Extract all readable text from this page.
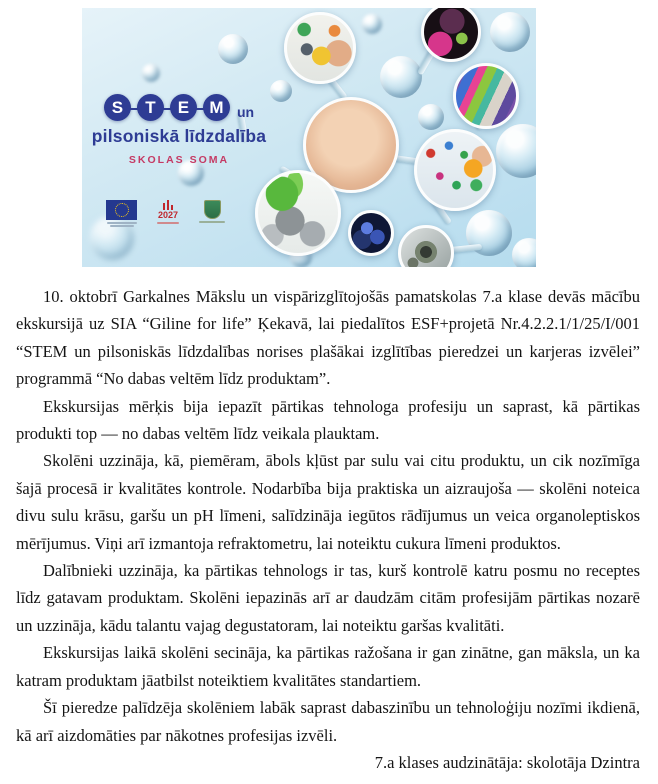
S	T	E	M un
pilsoniskā līdzdalība
SKOLAS SOMA
2027

10. oktobrī Garkalnes Mākslu un vispārizglītojošās pamatskolas 7.a klase devās mācību ekskursijā uz SIA “Giline for life” Ķekavā, lai piedalītos ESF+projetā Nr.4.2.2.1/1/25/I/001 “STEM un pilsoniskās līdzdalības norises plašākai izglītības pieredzei un karjeras izvēlei” programmā “No dabas veltēm līdz produktam”.

Ekskursijas mērķis bija iepazīt pārtikas tehnologa profesiju un saprast, kā pārtikas produkti top — no dabas veltēm līdz veikala plauktam.

Skolēni uzzināja, kā, piemēram, ābols kļūst par sulu vai citu produktu, un cik nozīmīga šajā procesā ir kvalitātes kontrole. Nodarbība bija praktiska un aizraujoša — skolēni noteica divu sulu krāsu, garšu un pH līmeni, salīdzināja iegūtos rādījumus un veica organoleptiskos mērījumus. Viņi arī izmantoja refraktometru, lai noteiktu cukura līmeni produktos.

Dalībnieki uzzināja, ka pārtikas tehnologs ir tas, kurš kontrolē katru posmu no receptes līdz gatavam produktam. Skolēni iepazinās arī ar daudzām citām profesijām pārtikas nozarē un uzzināja, kādu talantu vajag degustatoram, lai noteiktu garšas kvalitāti.

Ekskursijas laikā skolēni secināja, ka pārtikas ražošana ir gan zinātne, gan māksla, un ka katram produktam jāatbilst noteiktiem kvalitātes standartiem.

Šī pieredze palīdzēja skolēniem labāk saprast dabaszinību un tehnoloģiju nozīmi ikdienā, kā arī aizdomāties par nākotnes profesijas izvēli.

7.a klases audzinātāja: skolotāja Dzintra
